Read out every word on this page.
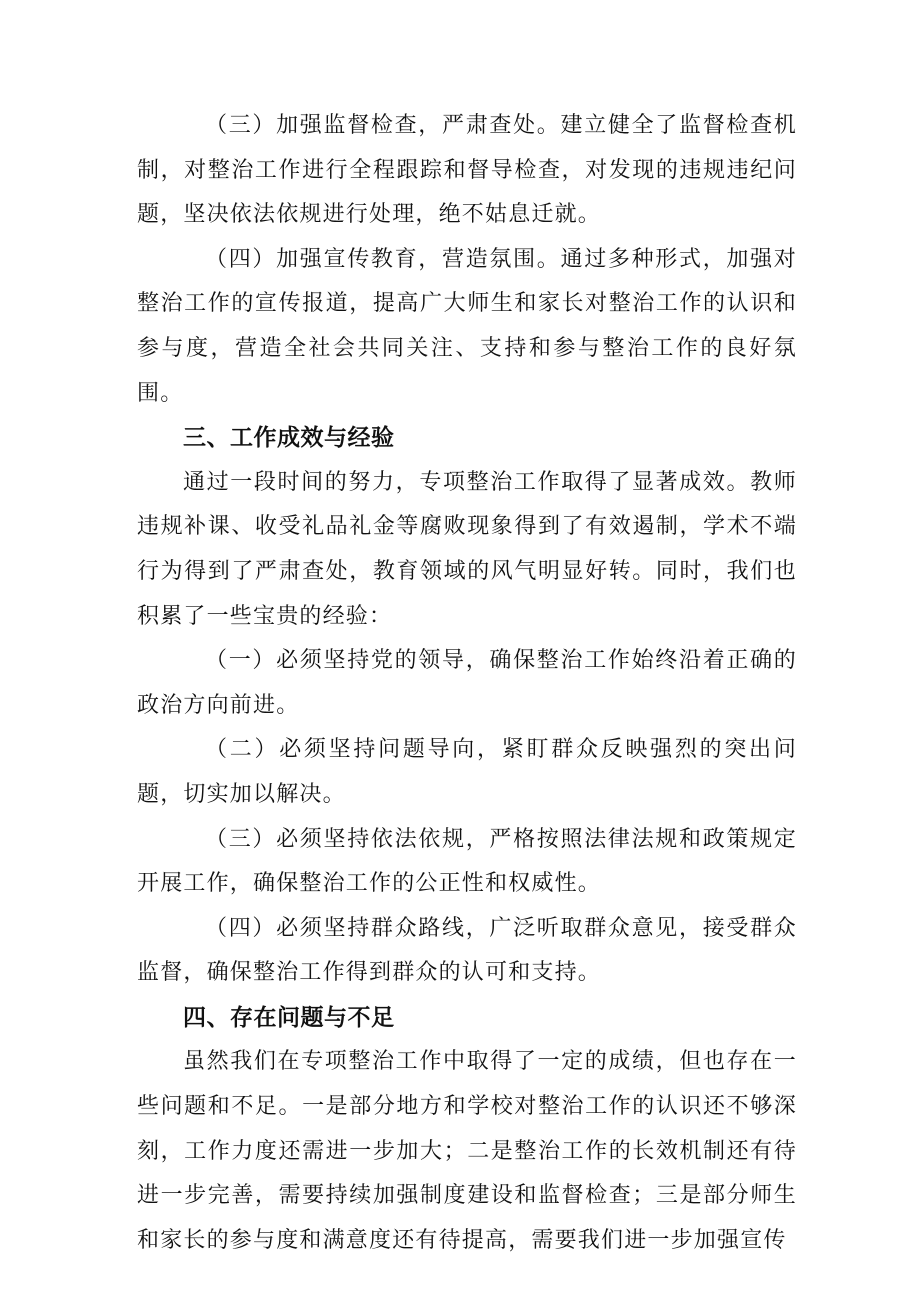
（三）加强监督检查，严肃查处。建立健全了监督检查机制，对整治工作进行全程跟踪和督导检查，对发现的违规违纪问题，坚决依法依规进行处理，绝不姑息迁就。

（四）加强宣传教育，营造氛围。通过多种形式，加强对整治工作的宣传报道，提高广大师生和家长对整治工作的认识和参与度，营造全社会共同关注、支持和参与整治工作的良好氛围。

三、工作成效与经验

通过一段时间的努力，专项整治工作取得了显著成效。教师违规补课、收受礼品礼金等腐败现象得到了有效遏制，学术不端行为得到了严肃查处，教育领域的风气明显好转。同时，我们也积累了一些宝贵的经验：

（一）必须坚持党的领导，确保整治工作始终沿着正确的政治方向前进。

（二）必须坚持问题导向，紧盯群众反映强烈的突出问题，切实加以解决。

（三）必须坚持依法依规，严格按照法律法规和政策规定开展工作，确保整治工作的公正性和权威性。

（四）必须坚持群众路线，广泛听取群众意见，接受群众监督，确保整治工作得到群众的认可和支持。

四、存在问题与不足

虽然我们在专项整治工作中取得了一定的成绩，但也存在一些问题和不足。一是部分地方和学校对整治工作的认识还不够深刻，工作力度还需进一步加大；二是整治工作的长效机制还有待进一步完善，需要持续加强制度建设和监督检查；三是部分师生和家长的参与度和满意度还有待提高，需要我们进一步加强宣传
